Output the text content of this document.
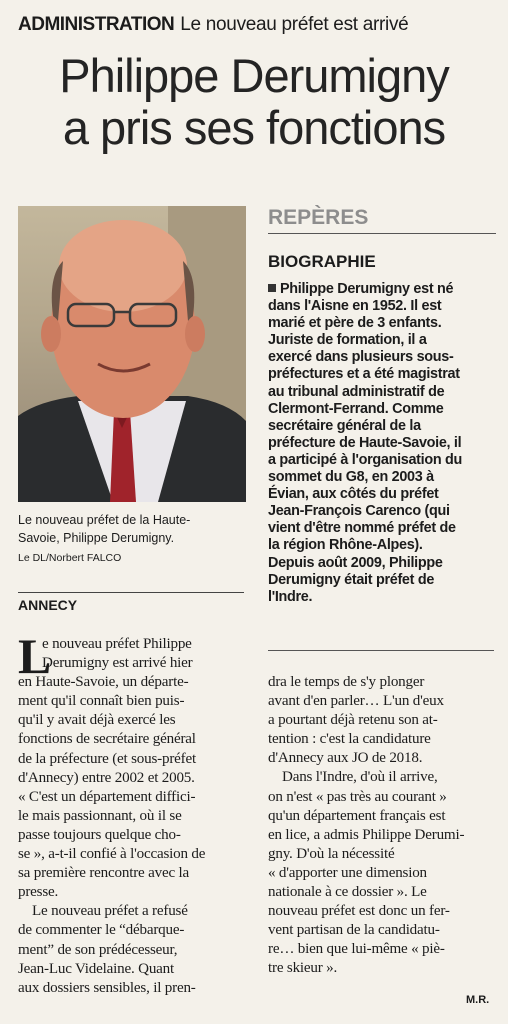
ADMINISTRATION Le nouveau préfet est arrivé
Philippe Derumigny
a pris ses fonctions
Le nouveau préfet de la Haute-
Savoie, Philippe Derumigny.
Le DL/Norbert FALCO
REPÈRES
BIOGRAPHIE
Philippe Derumigny est né
dans l'Aisne en 1952. Il est
marié et père de 3 enfants.
Juriste de formation, il a
exercé dans plusieurs sous-
préfectures et a été magistrat
au tribunal administratif de
Clermont-Ferrand. Comme
secrétaire général de la
préfecture de Haute-Savoie, il
a participé à l'organisation du
sommet du G8, en 2003 à
Évian, aux côtés du préfet
Jean-François Carenco (qui
vient d'être nommé préfet de
la région Rhône-Alpes).
Depuis août 2009, Philippe
Derumigny était préfet de
l'Indre.
ANNECY
L
e nouveau préfet Philippe
Derumigny est arrivé hier
en Haute-Savoie, un départe-
ment qu'il connaît bien puis-
qu'il y avait déjà exercé les
fonctions de secrétaire général
de la préfecture (et sous-préfet
d'Annecy) entre 2002 et 2005.
« C'est un département diffici-
le mais passionnant, où il se
passe toujours quelque cho-
se », a-t-il confié à l'occasion de
sa première rencontre avec la
presse.
Le nouveau préfet a refusé
de commenter le “débarque-
ment” de son prédécesseur,
Jean-Luc Videlaine. Quant
aux dossiers sensibles, il pren-
dra le temps de s'y plonger
avant d'en parler… L'un d'eux
a pourtant déjà retenu son at-
tention : c'est la candidature
d'Annecy aux JO de 2018.
Dans l'Indre, d'où il arrive,
on n'est « pas très au courant »
qu'un département français est
en lice, a admis Philippe Derumi-
gny. D'où la nécessité
« d'apporter une dimension
nationale à ce dossier ». Le
nouveau préfet est donc un fer-
vent partisan de la candidatu-
re… bien que lui-même « piè-
tre skieur ».
M.R.
